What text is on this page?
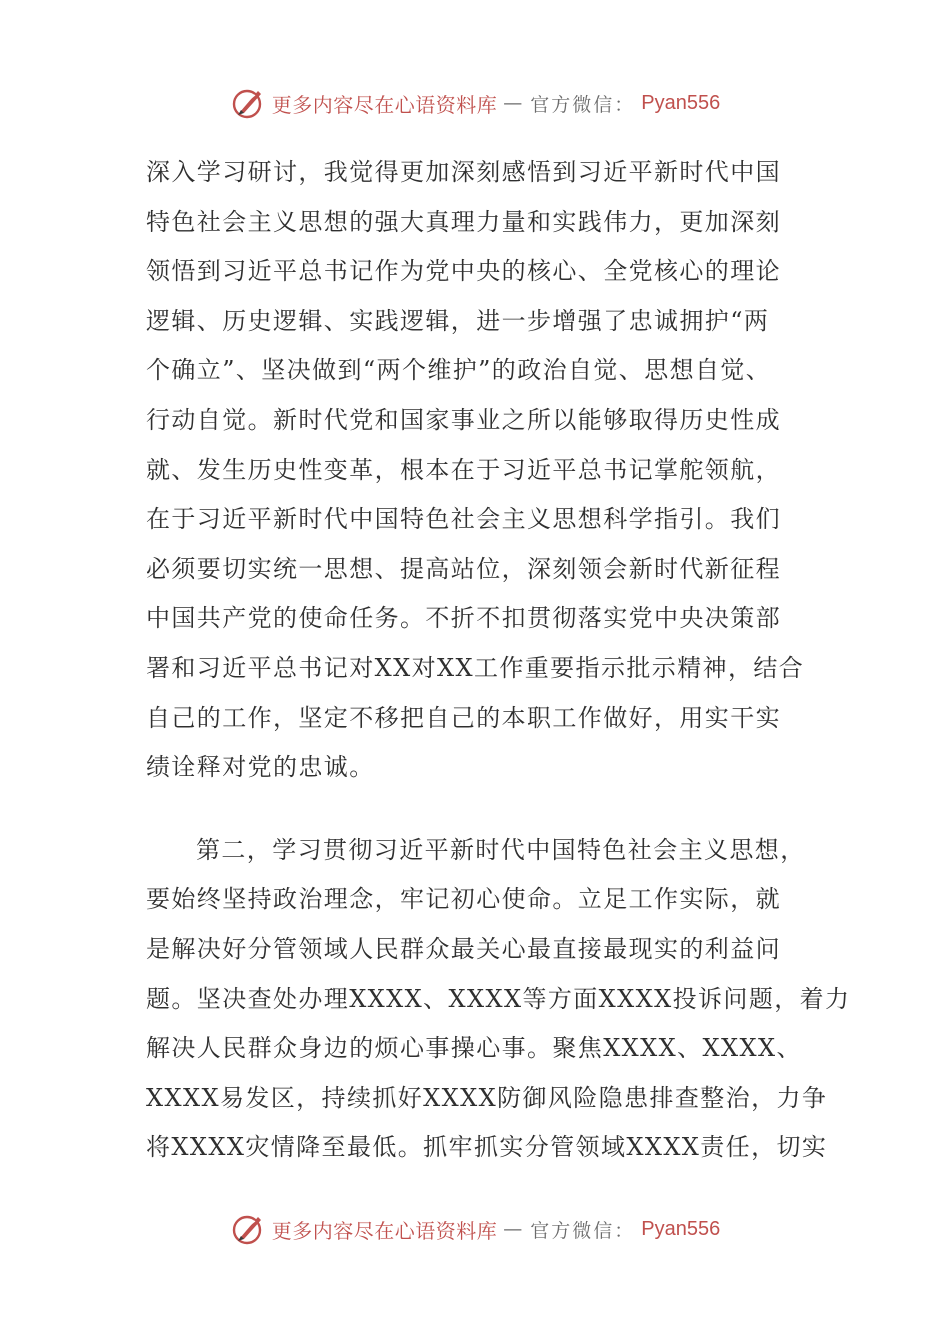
更多内容尽在心语资料库 — 官方微信： Pyan556
深入学习研讨，我觉得更加深刻感悟到习近平新时代中国
特色社会主义思想的强大真理力量和实践伟力，更加深刻
领悟到习近平总书记作为党中央的核心、全党核心的理论
逻辑、历史逻辑、实践逻辑，进一步增强了忠诚拥护“两
个确立”、坚决做到“两个维护”的政治自觉、思想自觉、
行动自觉。新时代党和国家事业之所以能够取得历史性成
就、发生历史性变革，根本在于习近平总书记掌舵领航，
在于习近平新时代中国特色社会主义思想科学指引。我们
必须要切实统一思想、提高站位，深刻领会新时代新征程
中国共产党的使命任务。不折不扣贯彻落实党中央决策部
署和习近平总书记对XX对XX工作重要指示批示精神，结合
自己的工作，坚定不移把自己的本职工作做好，用实干实
绩诠释对党的忠诚。
第二，学习贯彻习近平新时代中国特色社会主义思想，
要始终坚持政治理念，牢记初心使命。立足工作实际，就
是解决好分管领域人民群众最关心最直接最现实的利益问
题。坚决查处办理XXXX、XXXX等方面XXXX投诉问题，着力
解决人民群众身边的烦心事操心事。聚焦XXXX、XXXX、
XXXX易发区，持续抓好XXXX防御风险隐患排查整治，力争
将XXXX灾情降至最低。抓牢抓实分管领域XXXX责任，切实
更多内容尽在心语资料库 — 官方微信： Pyan556
